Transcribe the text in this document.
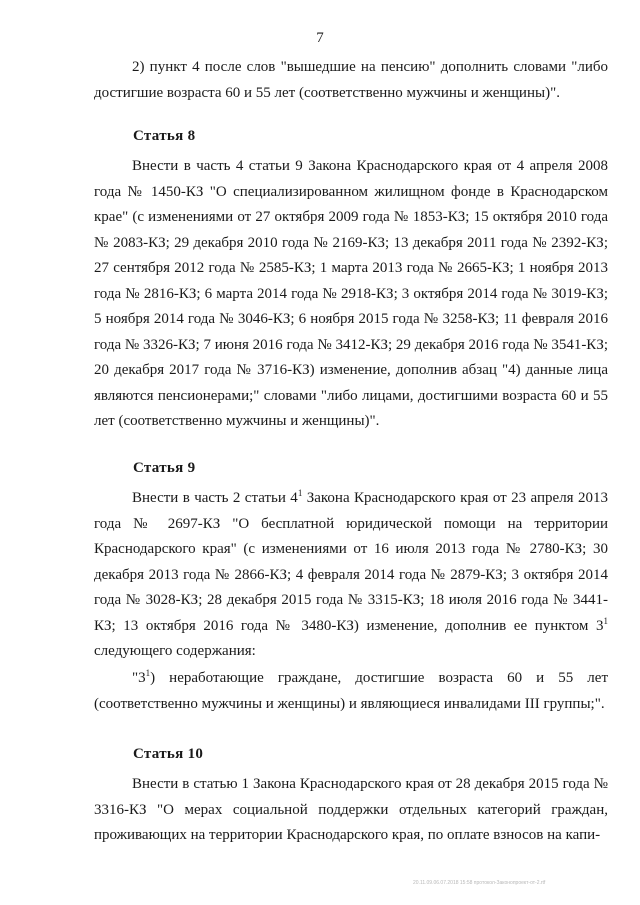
7

2) пункт 4 после слов "вышедшие на пенсию" дополнить словами "либо достигшие возраста 60 и 55 лет (соответственно мужчины и женщины)".

Статья 8

Внести в часть 4 статьи 9 Закона Краснодарского края от 4 апреля 2008 года № 1450-КЗ "О специализированном жилищном фонде в Краснодарском крае" (с изменениями от 27 октября 2009 года № 1853-КЗ; 15 октября 2010 года № 2083-КЗ; 29 декабря 2010 года № 2169-КЗ; 13 декабря 2011 года № 2392-КЗ; 27 сентября 2012 года № 2585-КЗ; 1 марта 2013 года № 2665-КЗ; 1 ноября 2013 года № 2816-КЗ; 6 марта 2014 года № 2918-КЗ; 3 октября 2014 года № 3019-КЗ; 5 ноября 2014 года № 3046-КЗ; 6 ноября 2015 года № 3258-КЗ; 11 февраля 2016 года № 3326-КЗ; 7 июня 2016 года № 3412-КЗ; 29 декабря 2016 года № 3541-КЗ; 20 декабря 2017 года № 3716-КЗ) изменение, дополнив абзац "4) данные лица являются пенсионерами;" словами "либо лицами, достигшими возраста 60 и 55 лет (соответственно мужчины и женщины)".

Статья 9

Внести в часть 2 статьи $4^1$ Закона Краснодарского края от 23 апреля 2013 года № 2697-КЗ "О бесплатной юридической помощи на территории Краснодарского края" (с изменениями от 16 июля 2013 года № 2780-КЗ; 30 декабря 2013 года № 2866-КЗ; 4 февраля 2014 года № 2879-КЗ; 3 октября 2014 года № 3028-КЗ; 28 декабря 2015 года № 3315-КЗ; 18 июля 2016 года № 3441-КЗ; 13 октября 2016 года № 3480-КЗ) изменение, дополнив ее пунктом $3^1$ следующего содержания:

"$3^1$) неработающие граждане, достигшие возраста 60 и 55 лет (соответственно мужчины и женщины) и являющиеся инвалидами III группы;".

Статья 10

Внести в статью 1 Закона Краснодарского края от 28 декабря 2015 года № 3316-КЗ "О мерах социальной поддержки отдельных категорий граждан, проживающих на территории Краснодарского края, по оплате взносов на капи-

20.11.09.06.07.2018 15:58 протокол-Законопроект-от-2.rtf
